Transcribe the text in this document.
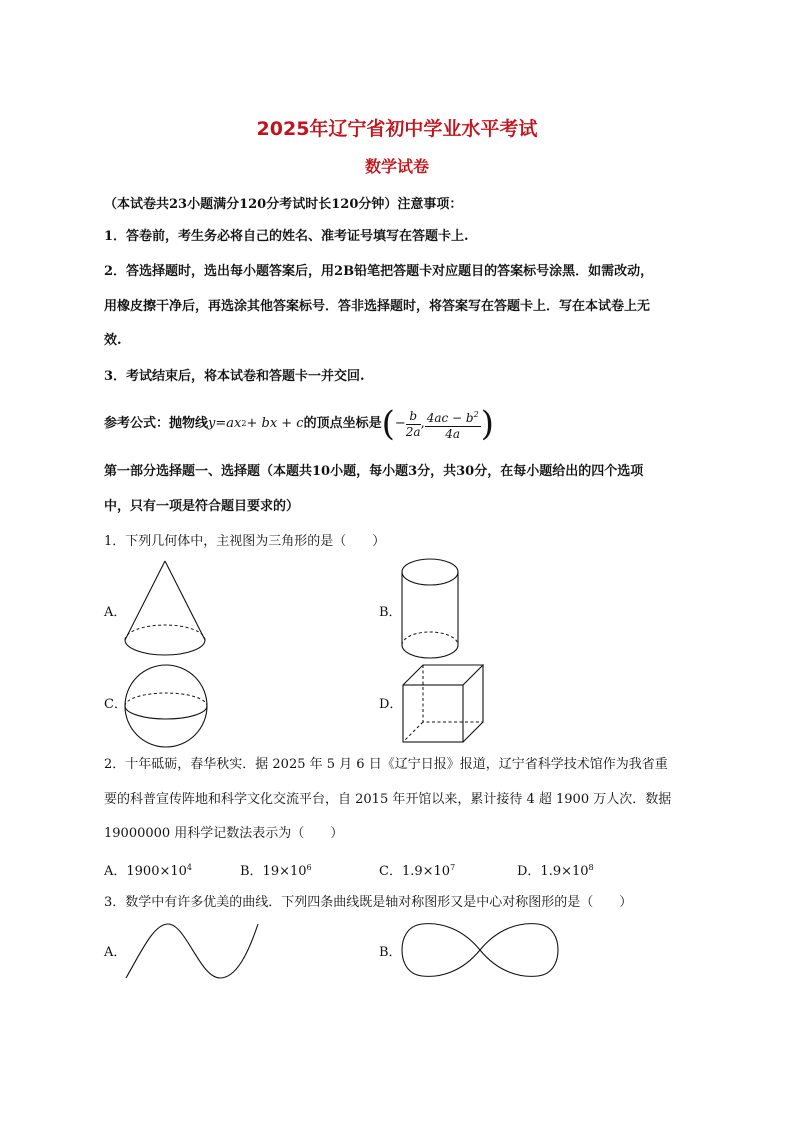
2025年辽宁省初中学业水平考试
数学试卷
（本试卷共23小题满分120分考试时长120分钟）注意事项：
1．答卷前，考生务必将自己的姓名、准考证号填写在答题卡上.
2．答选择题时，选出每小题答案后，用2B铅笔把答题卡对应题目的答案标号涂黑．如需改动，
用橡皮擦干净后，再选涂其他答案标号．答非选择题时，将答案写在答题卡上．写在本试卷上无
效.
3．考试结束后，将本试卷和答题卡一并交回.
参考公式：抛物线 y = ax 2 + bx + c 的顶点坐标是 ( − $\frac{b}{2a}$ , $\frac{4ac - b^2}{4a}$ )
第一部分选择题一、选择题（本题共10小题，每小题3分，共30分，在每小题给出的四个选项
中，只有一项是符合题目要求的）
1．下列几何体中，主视图为三角形的是（　　）
A．	B．
C．	D．
2．十年砥砺，春华秋实．据 2025 年 5 月 6 日《辽宁日报》报道，辽宁省科学技术馆作为我省重
要的科普宣传阵地和科学文化交流平台，自 2015 年开馆以来，累计接待 4 超 1900 万人次．数据
19000000 用科学记数法表示为（　　）
A．$1900\times 10^4$	B．$19\times 10^6$	C．$1.9\times 10^7$	D．$1.9\times 10^8$
3．数学中有许多优美的曲线．下列四条曲线既是轴对称图形又是中心对称图形的是（　　）
A．	B．
